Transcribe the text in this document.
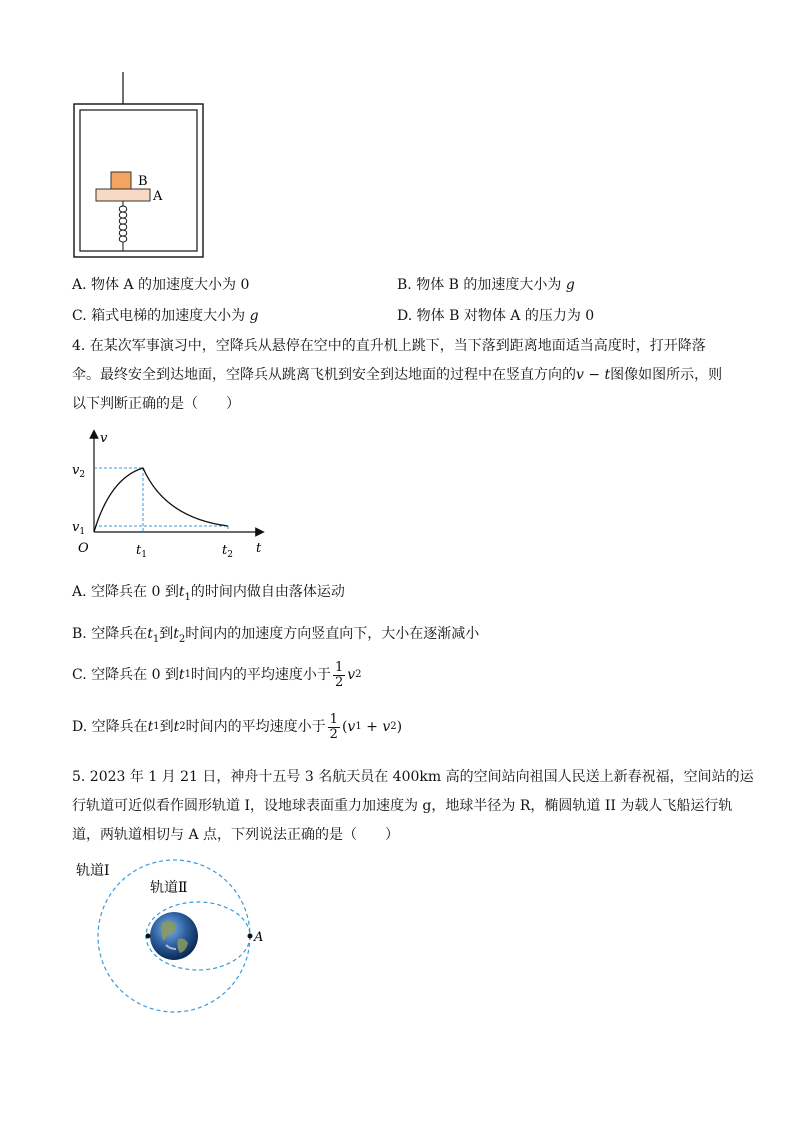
B
A
A. 物体 A 的加速度大小为 0	B. 物体 B 的加速度大小为 g
C. 箱式电梯的加速度大小为 g	D. 物体 B 对物体 A 的压力为 0
4. 在某次军事演习中，空降兵从悬停在空中的直升机上跳下，当下落到距离地面适当高度时，打开降落
伞。最终安全到达地面，空降兵从跳离飞机到安全到达地面的过程中在竖直方向的v − t图像如图所示，则
以下判断正确的是（　　）
v
t
O
$v_2$
$v_1$
$t_1$	$t_2$
A. 空降兵在 0 到$t_1$的时间内做自由落体运动
B. 空降兵在$t_1$到$t_2$时间内的加速度方向竖直向下，大小在逐渐减小
C. 空降兵在 0 到 t 1 时间内的平均速度小于 $\frac{1}{2}$ v 2
D. 空降兵在 t 1 到 t 2 时间内的平均速度小于 $\frac{1}{2}$ ( v 1 + v 2 )
5. 2023 年 1 月 21 日，神舟十五号 3 名航天员在 400km 高的空间站向祖国人民送上新春祝福，空间站的运
行轨道可近似看作圆形轨道 I，设地球表面重力加速度为 g，地球半径为 R，椭圆轨道 II 为载人飞船运行轨
道，两轨道相切与 A 点，下列说法正确的是（　　）
轨道Ⅰ
轨道Ⅱ
A
